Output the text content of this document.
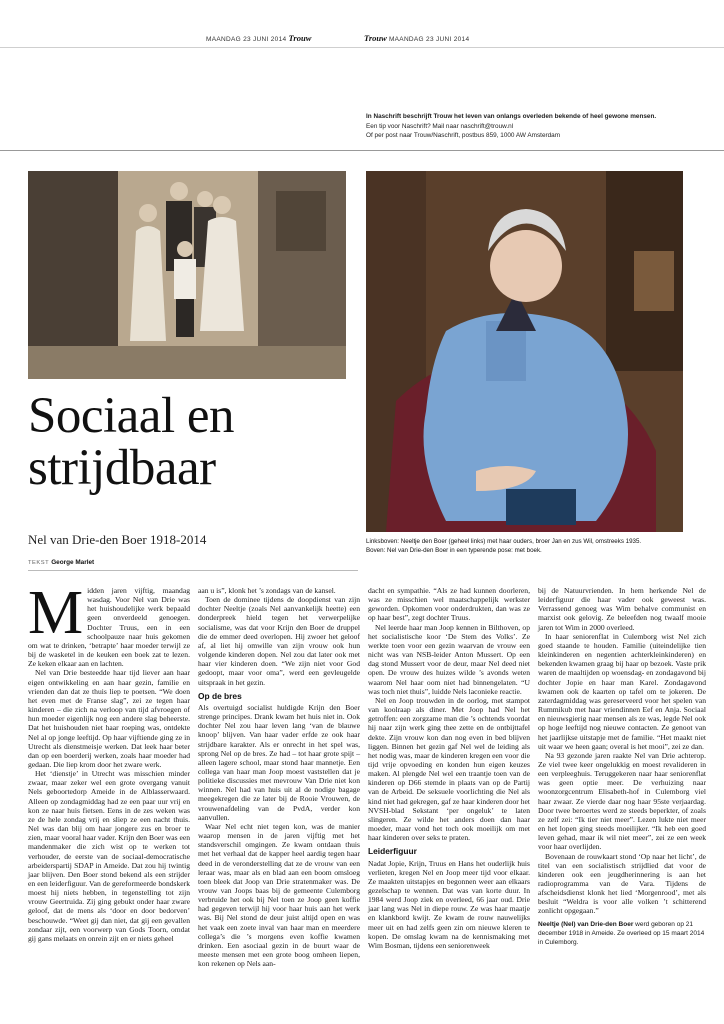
MAANDAG 23 JUNI 2014 Trouw	Trouw MAANDAG 23 JUNI 2014

In Naschrift beschrijft Trouw het leven van onlangs overleden bekende of heel gewone mensen.

Een tip voor Naschrift? Mail naar naschrift@trouw.nl

Of per post naar Trouw/Naschrift, postbus 859, 1000 AW Amsterdam

Sociaal en
strijdbaar
Nel van Drie-den Boer 1918-2014
TEKST George Marlet
Linksboven: Neeltje den Boer (geheel links) met haar ouders, broer Jan en zus Wil, omstreeks 1935.
Boven: Nel van Drie-den Boer in een typerende pose: met boek.

Midden jaren vijftig, maandag wasdag. Voor Nel van Drie was het huishoudelijke werk bepaald geen onverdeeld genoegen. Dochter Truus, een in een schoolpauze naar huis gekomen om wat te drinken, ‘betrapte’ haar moeder terwijl ze bij de wasketel in de keuken een boek zat te lezen. Ze keken elkaar aan en lachten.

Nel van Drie besteedde haar tijd liever aan haar eigen ontwikkeling en aan haar gezin, familie en vrienden dan dat ze thuis liep te poetsen. “We doen het even met de Franse slag”, zei ze tegen haar kinderen – die zich na verloop van tijd afvroegen of hun moeder eigenlijk nog een andere slag beheerste. Dat het huishouden niet haar roeping was, ontdekte Nel al op jonge leeftijd. Op haar vijftiende ging ze in Utrecht als dienstmeisje werken. Dat leek haar beter dan op een boerderij werken, zoals haar moeder had gedaan. Die liep krom door het zware werk.

Het ‘dienstje’ in Utrecht was misschien minder zwaar, maar zeker wel een grote overgang vanuit Nels geboortedorp Ameide in de Alblasserwaard. Alleen op zondagmiddag had ze een paar uur vrij en kon ze naar huis fietsen. Eens in de zes weken was ze de hele zondag vrij en sliep ze een nacht thuis. Nel was dan blij om haar jongere zus en broer te zien, maar vooral haar vader. Krijn den Boer was een mandenmaker die zich wist op te werken tot verhouder, de eerste van de sociaal-democratische arbeiderspartij SDAP in Ameide. Dat zou hij twintig jaar blijven. Den Boer stond bekend als een strijder en een leiderfiguur. Van de gereformeerde bondskerk moest hij niets hebben, in tegenstelling tot zijn vrouw Geertruida. Zij ging gebukt onder haar zware geloof, dat de mens als ‘door en door bedorven’ beschouwde. “Weet gij dan niet, dat gij een gevallen zondaar zijt, een voorwerp van Gods Toorn, omdat gij gans melaats en onrein zijt en er niets geheel

aan u is”, klonk het ’s zondags van de kansel.

Toen de dominee tijdens de doopdienst van zijn dochter Neeltje (zoals Nel aanvankelijk heette) een donderpreek hield tegen het verwerpelijke socialisme, was dat voor Krijn den Boer de druppel die de emmer deed overlopen. Hij zwoer het geloof af, al liet hij omwille van zijn vrouw ook hun volgende kinderen dopen. Nel zou dat later ook met haar vier kinderen doen. “We zijn niet voor God gedoopt, maar voor oma”, werd een gevleugelde uitspraak in het gezin.

Op de bres

Als overtuigd socialist huldigde Krijn den Boer strenge principes. Drank kwam het huis niet in. Ook dochter Nel zou haar leven lang ‘van de blauwe knoop’ blijven. Van haar vader erfde ze ook haar strijdbare karakter. Als er onrecht in het spel was, sprong Nel op de bres. Ze had – tot haar grote spijt – alleen lagere school, maar stond haar mannetje. Een collega van haar man Joop moest vaststellen dat je politieke discussies met mevrouw Van Drie niet kon winnen. Nel had van huis uit al de nodige bagage meegekregen die ze later bij de Rooie Vrouwen, de vrouwenafdeling van de PvdA, verder kon aanvullen.

Waar Nel echt niet tegen kon, was de manier waarop mensen in de jaren vijftig met het standsverschil omgingen. Ze kwam ontdaan thuis met het verhaal dat de kapper heel aardig tegen haar deed in de veronderstelling dat ze de vrouw van een leraar was, maar als en blad aan een boom omsloeg toen bleek dat Joop van Drie stratenmaker was. De vrouw van Joops baas bij de gemeente Culemborg verbruide het ook bij Nel toen ze Joop geen koffie had gegeven terwijl hij voor haar huis aan het werk was. Bij Nel stond de deur juist altijd open en was het vaak een zoete inval van haar man en meerdere collega’s die ’s morgens even koffie kwamen drinken. Een asociaal gezin in de buurt waar de meeste mensen met een grote boog omheen liepen, kon rekenen op Nels aan-

dacht en sympathie. “Als ze had kunnen doorleren, was ze misschien wel maatschappelijk werkster geworden. Opkomen voor onderdrukten, dan was ze op haar best”, zegt dochter Truus.

Nel leerde haar man Joop kennen in Bilthoven, op het socialistische koor ‘De Stem des Volks’. Ze werkte toen voor een gezin waarvan de vrouw een nicht was van NSB-leider Anton Mussert. Op een dag stond Mussert voor de deur, maar Nel deed niet open. De vrouw des huizes wilde ’s avonds weten waarom Nel haar oom niet had binnengelaten. “U was toch niet thuis”, luidde Nels laconieke reactie.

Nel en Joop trouwden in de oorlog, met stampot van koolraap als diner. Met Joop had Nel het getroffen: een zorgzame man die ’s ochtends voordat hij naar zijn werk ging thee zette en de ontbijttafel dekte. Zijn vrouw kon dan nog even in bed blijven liggen. Binnen het gezin gaf Nel wel de leiding als het nodig was, maar de kinderen kregen een voor die tijd vrije opvoeding en konden hun eigen keuzes maken. Al plengde Nel wel een traantje toen van de kinderen op D66 stemde in plaats van op de Partij van de Arbeid. De seksuele voorlichting die Nel als kind niet had gekregen, gaf ze haar kinderen door het NVSH-blad Sekstant ‘per ongeluk’ te laten slingeren. Ze wilde het anders doen dan haar moeder, maar vond het toch ook moeilijk om met haar kinderen over seks te praten.

Leiderfiguur

Nadat Jopie, Krijn, Truus en Hans het ouderlijk huis verlieten, kregen Nel en Joop meer tijd voor elkaar. Ze maakten uitstapjes en begonnen weer aan elkaars gezelschap te wennen. Dat was van korte duur. In 1984 werd Joop ziek en overleed, 66 jaar oud. Drie jaar lang was Nel in diepe rouw. Ze was haar maatje en klankbord kwijt. Ze kwam de rouw nauwelijks meer uit en had zelfs geen zin om nieuwe kleren te kopen. De omslag kwam na de kennismaking met Wim Bosman, tijdens een seniorenweek

bij de Natuurvrienden. In hem herkende Nel de leiderfiguur die haar vader ook geweest was. Verrassend genoeg was Wim behalve communist en marxist ook gelovig. Ze beleefden nog twaalf mooie jaren tot Wim in 2000 overleed.

In haar seniorenflat in Culemborg wist Nel zich goed staande te houden. Familie (uiteindelijke tien kleinkinderen en negentien achterkleinkinderen) en bekenden kwamen graag bij haar op bezoek. Vaste prik waren de maaltijden op woensdag- en zondagavond bij dochter Jopie en haar man Karel. Zondagavond kwamen ook de kaarten op tafel om te jokeren. De zaterdagmiddag was gereserveerd voor het spelen van Rummikub met haar vriendinnen Eef en Anja. Sociaal en nieuwsgierig naar mensen als ze was, legde Nel ook op hoge leeftijd nog nieuwe contacten. Ze genoot van het jaarlijkse uitstapje met de familie. “Het maakt niet uit waar we heen gaan; overal is het mooi”, zei ze dan.

Na 93 gezonde jaren raakte Nel van Drie achterop. Ze viel twee keer ongelukkig en moest revalideren in een verpleeghuis. Teruggekeren naar haar seniorenflat was geen optie meer. De verhuizing naar woonzorgcentrum Elisabeth-hof in Culemborg viel haar zwaar. Ze vierde daar nog haar 95ste verjaardag. Door twee beroertes werd ze steeds beperkter, of zoals ze zelf zei: “Ik tier niet meer”. Lezen lukte niet meer en het lopen ging steeds moeilijker. “Ik heb een goed leven gehad, maar ik wil niet meer”, zei ze een week voor haar overlijden.

Bovenaan de rouwkaart stond ‘Op naar het licht’, de titel van een socialistisch strijdlied dat voor de kinderen ook een jeugdherinnering is aan het radioprogramma van de Vara. Tijdens de afscheidsdienst klonk het lied ‘Morgenrood’, met als besluit “Weldra is voor alle volken ’t schitterend zonlicht opgegaan.”

Neeltje (Nel) van Drie-den Boer werd geboren op 21 december 1918 in Ameide. Ze overleed op 15 maart 2014 in Culemborg.
